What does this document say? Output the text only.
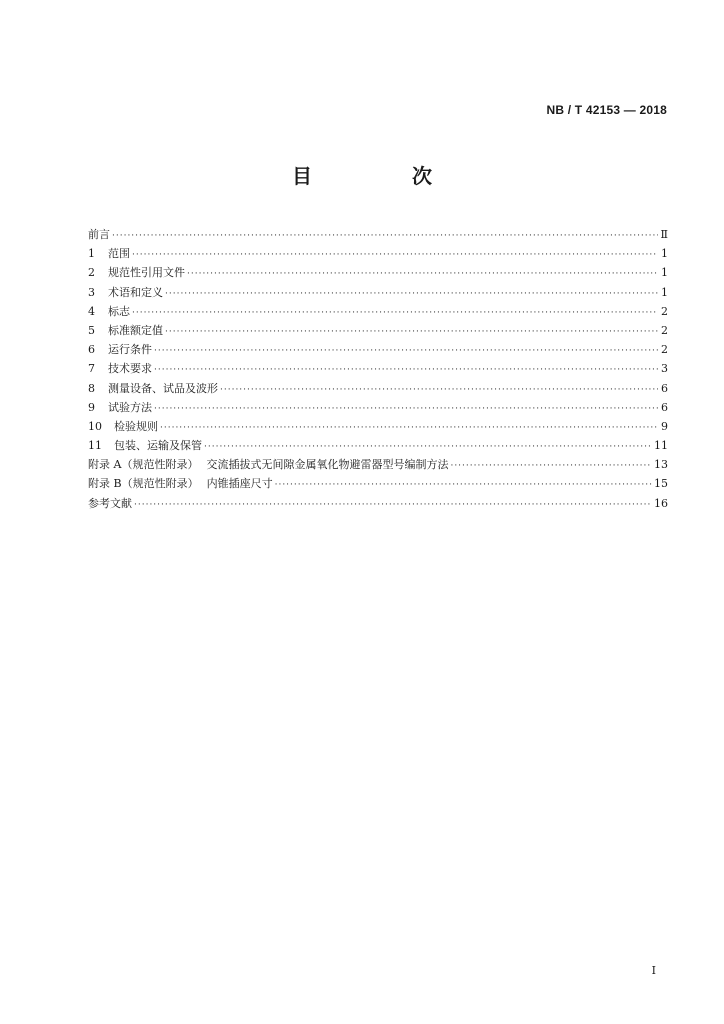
NB / T 42153 — 2018
目　次
前言 ·····	Ⅱ
1	范围 ·····	1
2	规范性引用文件 ·····	1
3	术语和定义 ·····	1
4	标志 ·····	2
5	标准额定值 ·····	2
6	运行条件 ·····	2
7	技术要求 ·····	3
8	测量设备、试品及波形 ·····	6
9	试验方法 ·····	6
10	检验规则 ·····	9
11	包装、运输及保管 ·····	11
附录 A（规范性附录） 交流插拔式无间隙金属氧化物避雷器型号编制方法 ·····	13
附录 B（规范性附录） 内锥插座尺寸 ·····	15
参考文献 ·····	16
I
